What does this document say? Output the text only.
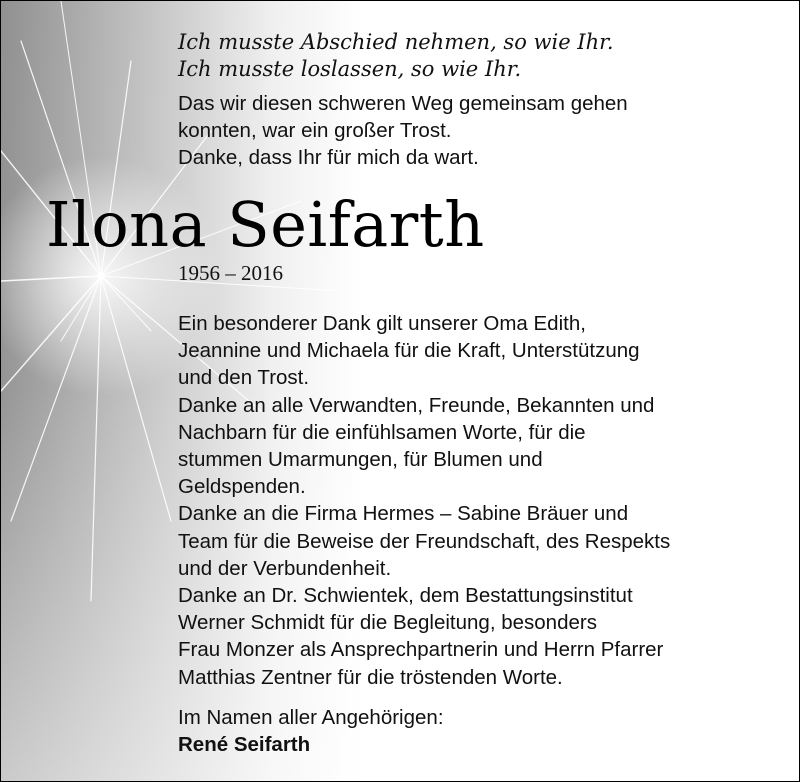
Ich musste Abschied nehmen, so wie Ihr.
Ich musste loslassen, so wie Ihr.
Das wir diesen schweren Weg gemeinsam gehen
konnten, war ein großer Trost.
Danke, dass Ihr für mich da wart.
Ilona Seifarth
1956 – 2016
Ein besonderer Dank gilt unserer Oma Edith,
Jeannine und Michaela für die Kraft, Unterstützung
und den Trost.
Danke an alle Verwandten, Freunde, Bekannten und
Nachbarn für die einfühlsamen Worte, für die
stummen Umarmungen, für Blumen und
Geldspenden.
Danke an die Firma Hermes – Sabine Bräuer und
Team für die Beweise der Freundschaft, des Respekts
und der Verbundenheit.
Danke an Dr. Schwientek, dem Bestattungsinstitut
Werner Schmidt für die Begleitung, besonders
Frau Monzer als Ansprechpartnerin und Herrn Pfarrer
Matthias Zentner für die tröstenden Worte.
Im Namen aller Angehörigen:
René Seifarth
